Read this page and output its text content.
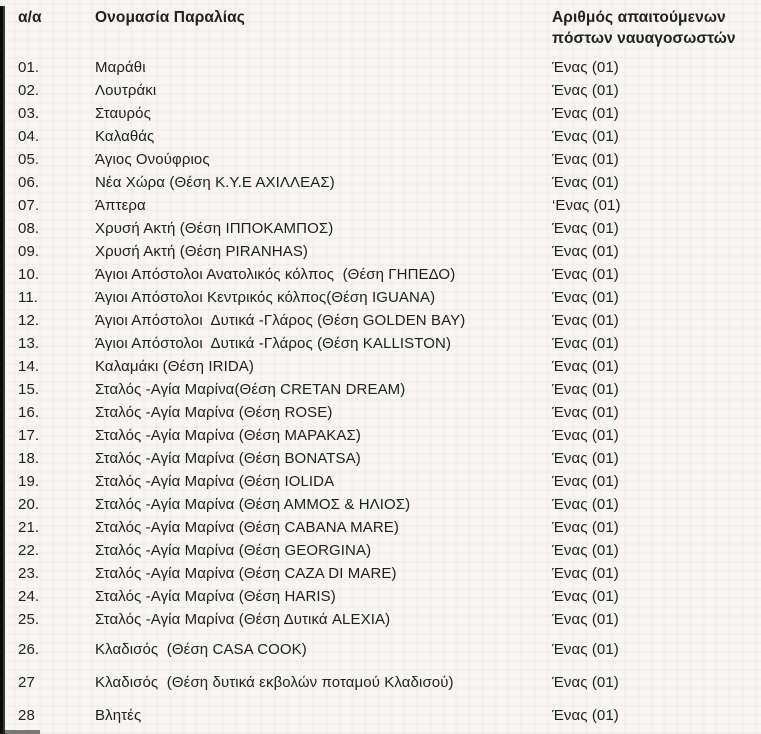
α/α	Ονομασία Παραλίας	Αριθμός απαιτούμενων πόστων ναυαγοσωστών
01.	Μαράθι	Ένας (01)
02.	Λουτράκι	Ένας (01)
03.	Σταυρός	Ένας (01)
04.	Καλαθάς	Ένας (01)
05.	Άγιος Ονούφριος	Ένας (01)
06.	Νέα Χώρα (Θέση Κ.Υ.Ε ΑΧΙΛΛΕΑΣ)	Ένας (01)
07.	Άπτερα	‘Ενας (01)
08.	Χρυσή Ακτή (Θέση ΙΠΠΟΚΑΜΠΟΣ)	Ένας (01)
09.	Χρυσή Ακτή (Θέση PIRANHAS)	Ένας (01)
10.	Άγιοι Απόστολοι Ανατολικός κόλπος  (Θέση ΓΗΠΕΔΟ)	Ένας (01)
11.	Άγιοι Απόστολοι Κεντρικός κόλπος(Θέση IGUANA)	Ένας (01)
12.	Άγιοι Απόστολοι  Δυτικά -Γλάρος (Θέση GOLDEN BAY)	Ένας (01)
13.	Άγιοι Απόστολοι  Δυτικά -Γλάρος (Θέση KALLISTON)	Ένας (01)
14.	Καλαμάκι (Θέση IRIDA)	Ένας (01)
15.	Σταλός -Αγία Μαρίνα(Θέση CRETAN DREAM)	Ένας (01)
16.	Σταλός -Αγία Μαρίνα (Θέση ROSE)	Ένας (01)
17.	Σταλός -Αγία Μαρίνα (Θέση ΜΑΡΑΚΑΣ)	Ένας (01)
18.	Σταλός -Αγία Μαρίνα (Θέση BONATSA)	Ένας (01)
19.	Σταλός -Αγία Μαρίνα (Θέση IOLIDA	Ένας (01)
20.	Σταλός -Αγία Μαρίνα (Θέση ΑΜΜΟΣ & ΗΛΙΟΣ)	Ένας (01)
21.	Σταλός -Αγία Μαρίνα (Θέση CABANA MARE)	Ένας (01)
22.	Σταλός -Αγία Μαρίνα (Θέση GEORGINA)	Ένας (01)
23.	Σταλός -Αγία Μαρίνα (Θέση CAZA DI MARE)	Ένας (01)
24.	Σταλός -Αγία Μαρίνα (Θέση HARIS)	Ένας (01)
25.	Σταλός -Αγία Μαρίνα (Θέση Δυτικά ALEXIA)	Ένας (01)
26.	Κλαδισός  (Θέση CASA COOK)	Ένας (01)
27	Κλαδισός  (Θέση δυτικά εκβολών ποταμού Κλαδισού)	Ένας (01)
28	Βλητές	Ένας (01)
